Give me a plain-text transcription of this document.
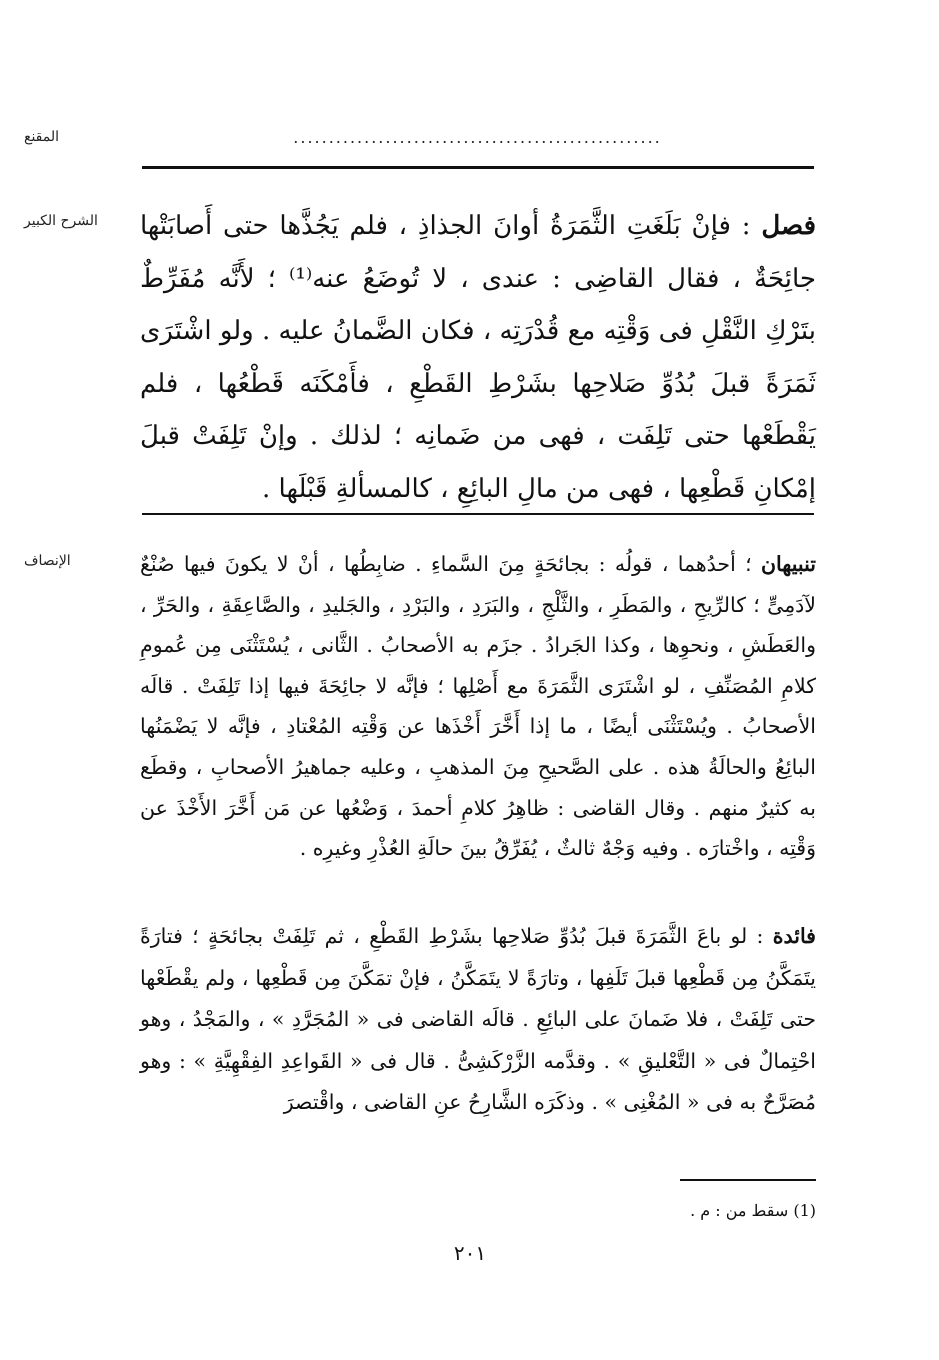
المقنع	....................................................
الشرح الكبير	فصل : فإنْ بَلَغَتِ الثَّمَرَةُ أوانَ الجذاذِ ، فلم يَجُذَّها حتى أَصابَتْها جائِحَةٌ ، فقال القاضِى : عندى ، لا تُوضَعُ عنه⁽¹⁾ ؛ لأَنَّه مُفَرِّطٌ بتَرْكِ النَّقْلِ فى وَقْتِه مع قُدْرَتِه ، فكان الضَّمانُ عليه . ولو اشْتَرَى ثَمَرَةً قبلَ بُدُوِّ صَلاحِها بشَرْطِ القَطْعِ ، فأَمْكَنَه قَطْعُها ، فلم يَقْطَعْها حتى تَلِفَت ، فهى من ضَمانِه ؛ لذلك . وإنْ تَلِفَتْ قبلَ إمْكانِ قَطْعِها ، فهى من مالِ البائِعِ ، كالمسألةِ قَبْلَها .
الإنصاف	تنبيهان ؛ أحدُهما ، قولُه : بجائحَةٍ مِنَ السَّماءِ . ضابِطُها ، أنْ لا يكونَ فيها صُنْعٌ لآدَمِىٍّ ؛ كالرِّيحِ ، والمَطَرِ ، والثَّلْجِ ، والبَرَدِ ، والبَرْدِ ، والجَليدِ ، والصَّاعِقَةِ ، والحَرِّ ، والعَطَشِ ، ونحوِها ، وكذا الجَرادُ . جزَم به الأصحابُ . الثَّانى ، يُسْتَثْنَى مِن عُمومِ كلامِ المُصَنِّفِ ، لو اشْتَرَى الثَّمَرَةَ مع أَصْلِها ؛ فإنَّه لا جائِحَةَ فيها إذا تَلِفَتْ . قالَه الأصحابُ . ويُسْتَثْنَى أيضًا ، ما إذا أَخَّرَ أَخْذَها عن وَقْتِه المُعْتادِ ، فإنَّه لا يَضْمَنُها البائِعُ والحالَةُ هذه . على الصَّحيحِ مِنَ المذهبِ ، وعليه جماهيرُ الأصحابِ ، وقطَع به كثيرٌ منهم . وقال القاضى : ظاهِرُ كلامِ أحمدَ ، وَضْعُها عن مَن أَخَّرَ الأَخْذَ عن وَقْتِه ، واخْتارَه . وفيه وَجْهٌ ثالثٌ ، يُفَرِّقُ بينَ حالَةِ العُذْرِ وغيرِه .
فائدة : لو باعَ الثَّمَرَةَ قبلَ بُدُوِّ صَلاحِها بشَرْطِ القَطْعِ ، ثم تَلِفَتْ بجائحَةٍ ؛ فتارَةً يتَمَكَّنُ مِن قَطْعِها قبلَ تَلَفِها ، وتارَةً لا يتَمَكَّنُ ، فإنْ تمَكَّنَ مِن قَطْعِها ، ولم يقْطَعْها حتى تَلِفَتْ ، فلا ضَمانَ على البائِعِ . قالَه القاضى فى « المُجَرَّدِ » ، والمَجْدُ ، وهو احْتِمالٌ فى « التَّعْليقِ » . وقدَّمه الزَّرْكَشِىُّ . قال فى « القَواعِدِ الفِقْهِيَّةِ » : وهو مُصَرَّحٌ به فى « المُغْنِى » . وذكَرَه الشَّارِحُ عنِ القاضى ، واقْتصرَ
(1) سقط من : م .
٢٠١
